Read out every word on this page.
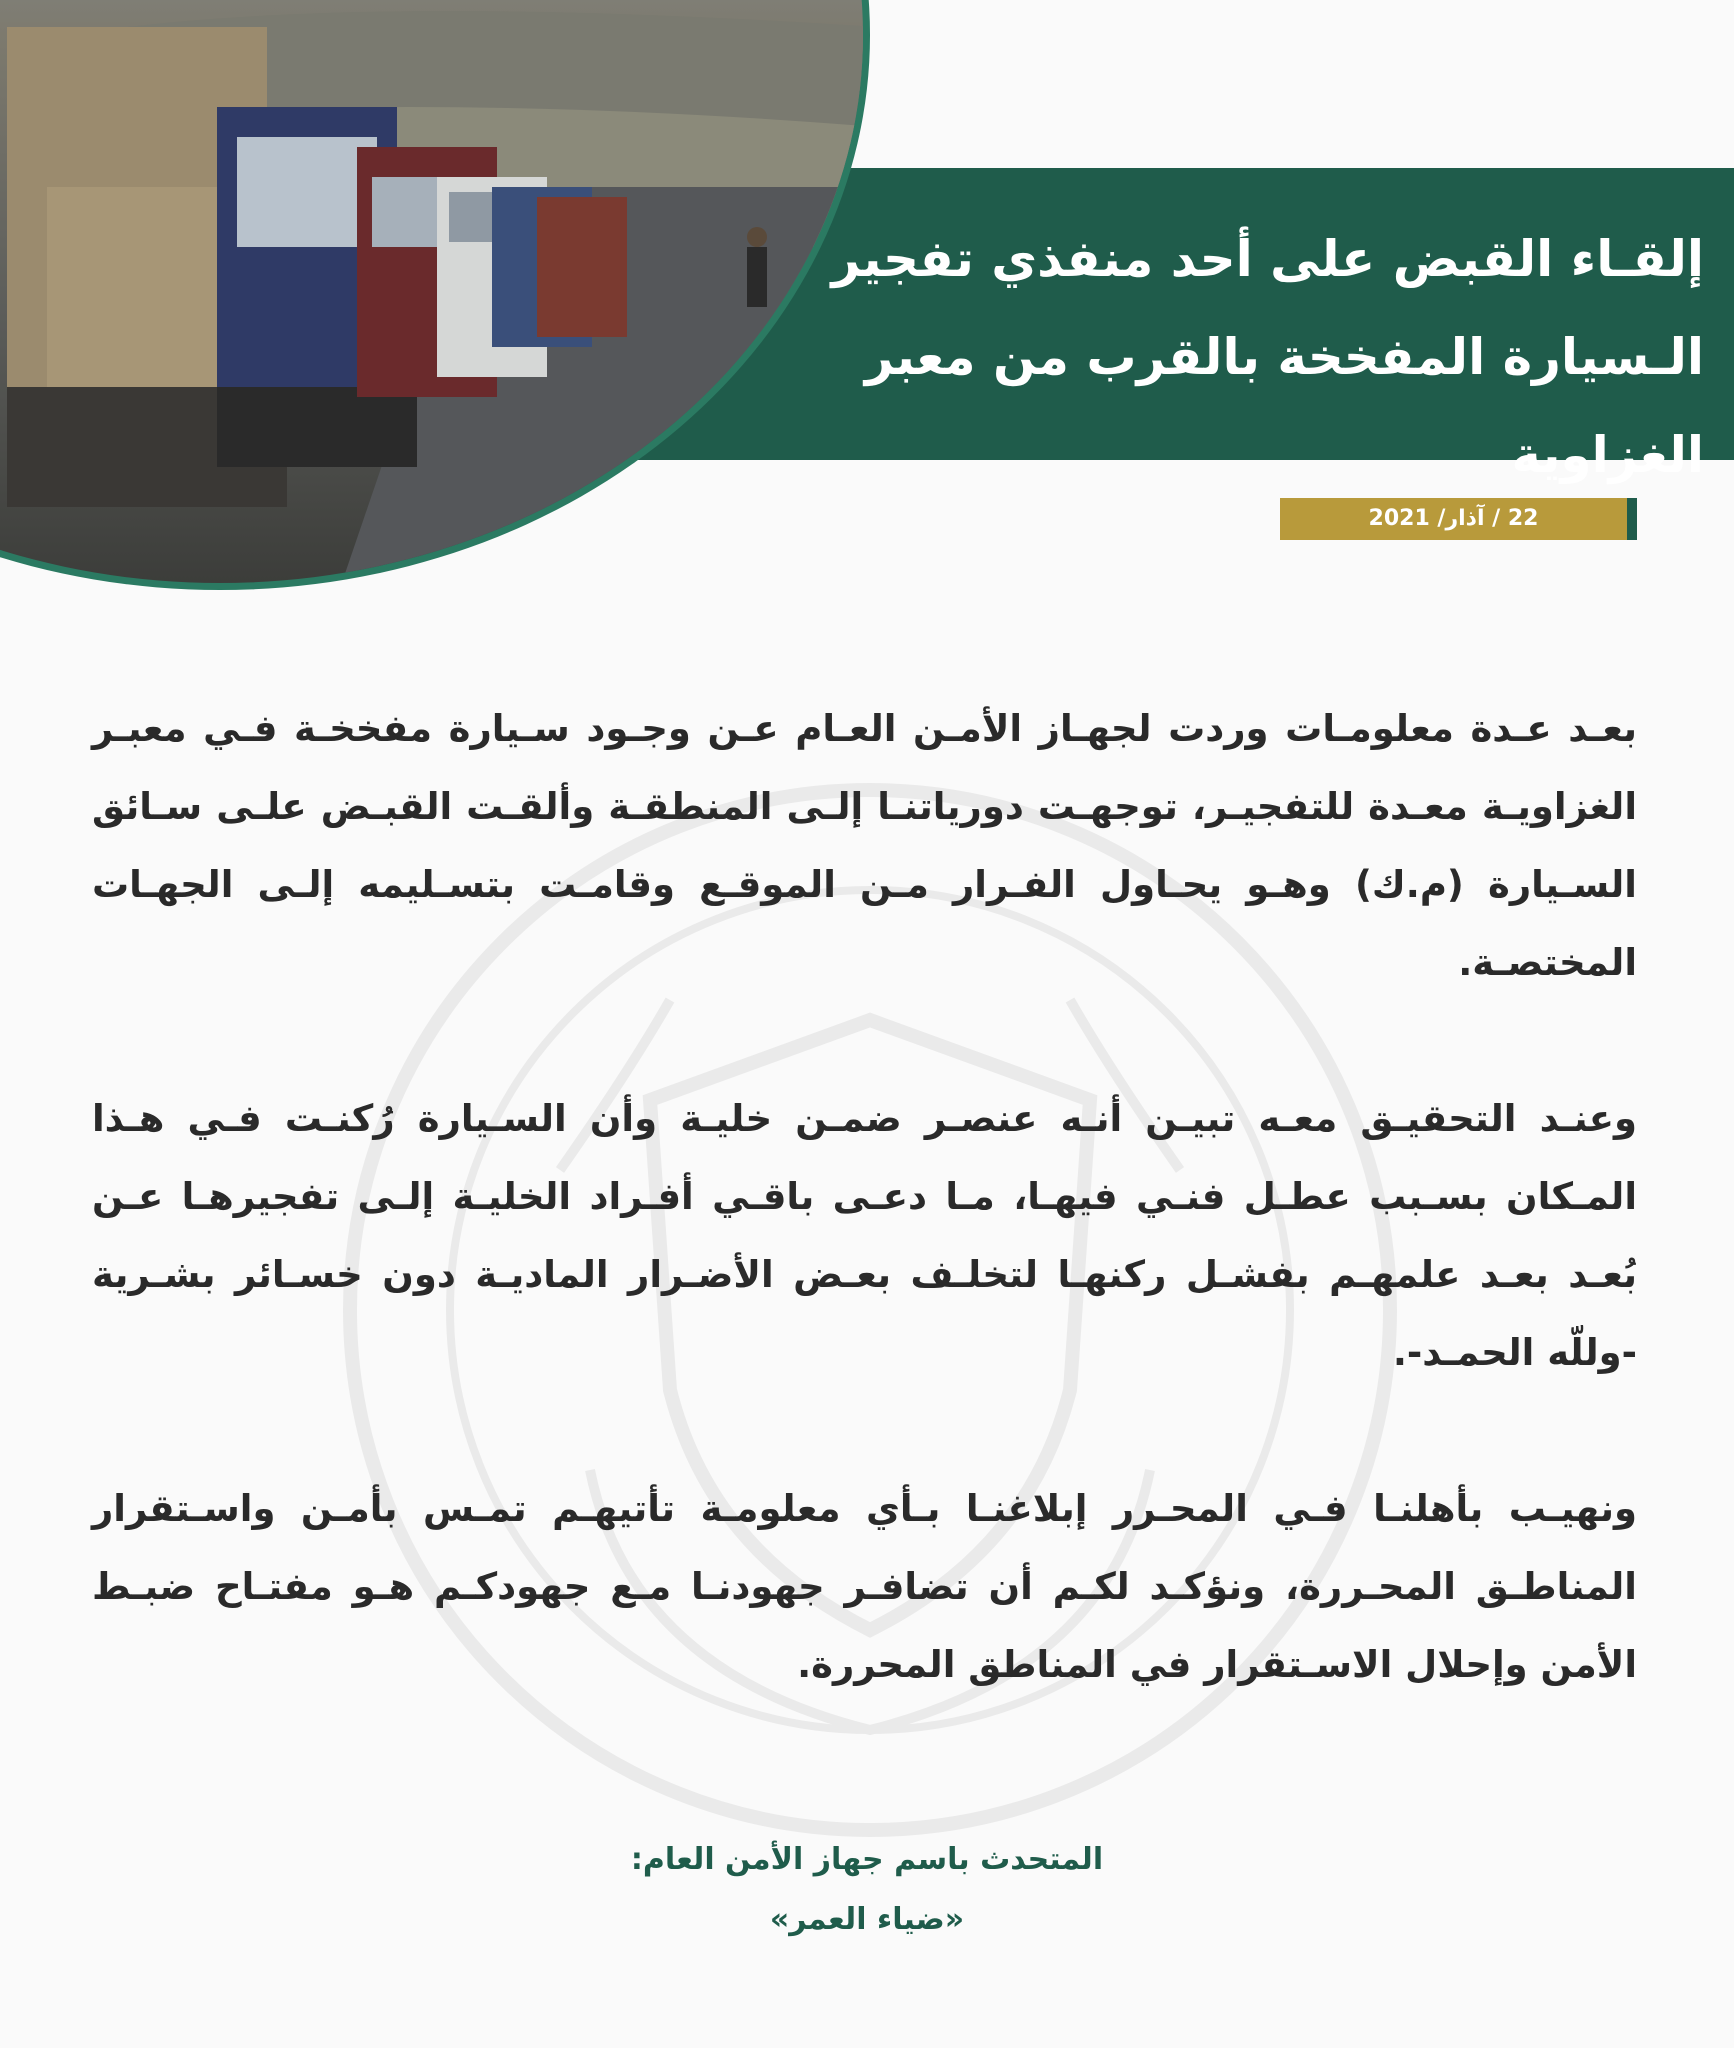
إلقـاء القبض على أحد منفذي تفجير
الـسيارة المفخخة بالقرب من معبر الغزاوية
22 / آذار/ 2021

بعـد عـدة معلومـات وردت لجهـاز الأمـن العـام عـن وجـود سـيارة مفخخـة فـي معبـر الغزاويـة معـدة للتفجيـر، توجهـت دورياتنـا إلـى المنطقـة وألقـت القبـض علـى سـائق السـيارة (م.ك) وهـو يحـاول الفـرار مـن الموقـع وقامـت بتسـليمه إلـى الجهـات المختصـة.

وعنـد التحقيـق معـه تبيـن أنـه عنصـر ضمـن خليـة وأن السـيارة رُكنـت فـي هـذا المـكان بسـبب عطـل فنـي فيهـا، مـا دعـى باقـي أفـراد الخليـة إلـى تفجيرهـا عـن بُعـد بعـد علمهـم بفشـل ركنهـا لتخلـف بعـض الأضـرار الماديـة دون خسـائر بشـرية -وللّه الحمـد-.

ونهيـب بأهلنـا فـي المحـرر إبلاغنـا بـأي معلومـة تأتيهـم تمـس بأمـن واسـتقرار المناطـق المحـررة، ونؤكـد لكـم أن تضافـر جهودنـا مـع جهودكـم هـو مفتـاح ضبـط الأمن وإحلال الاسـتقرار في المناطق المحررة.

المتحدث باسم جهاز الأمن العام:
«ضياء العمر»
